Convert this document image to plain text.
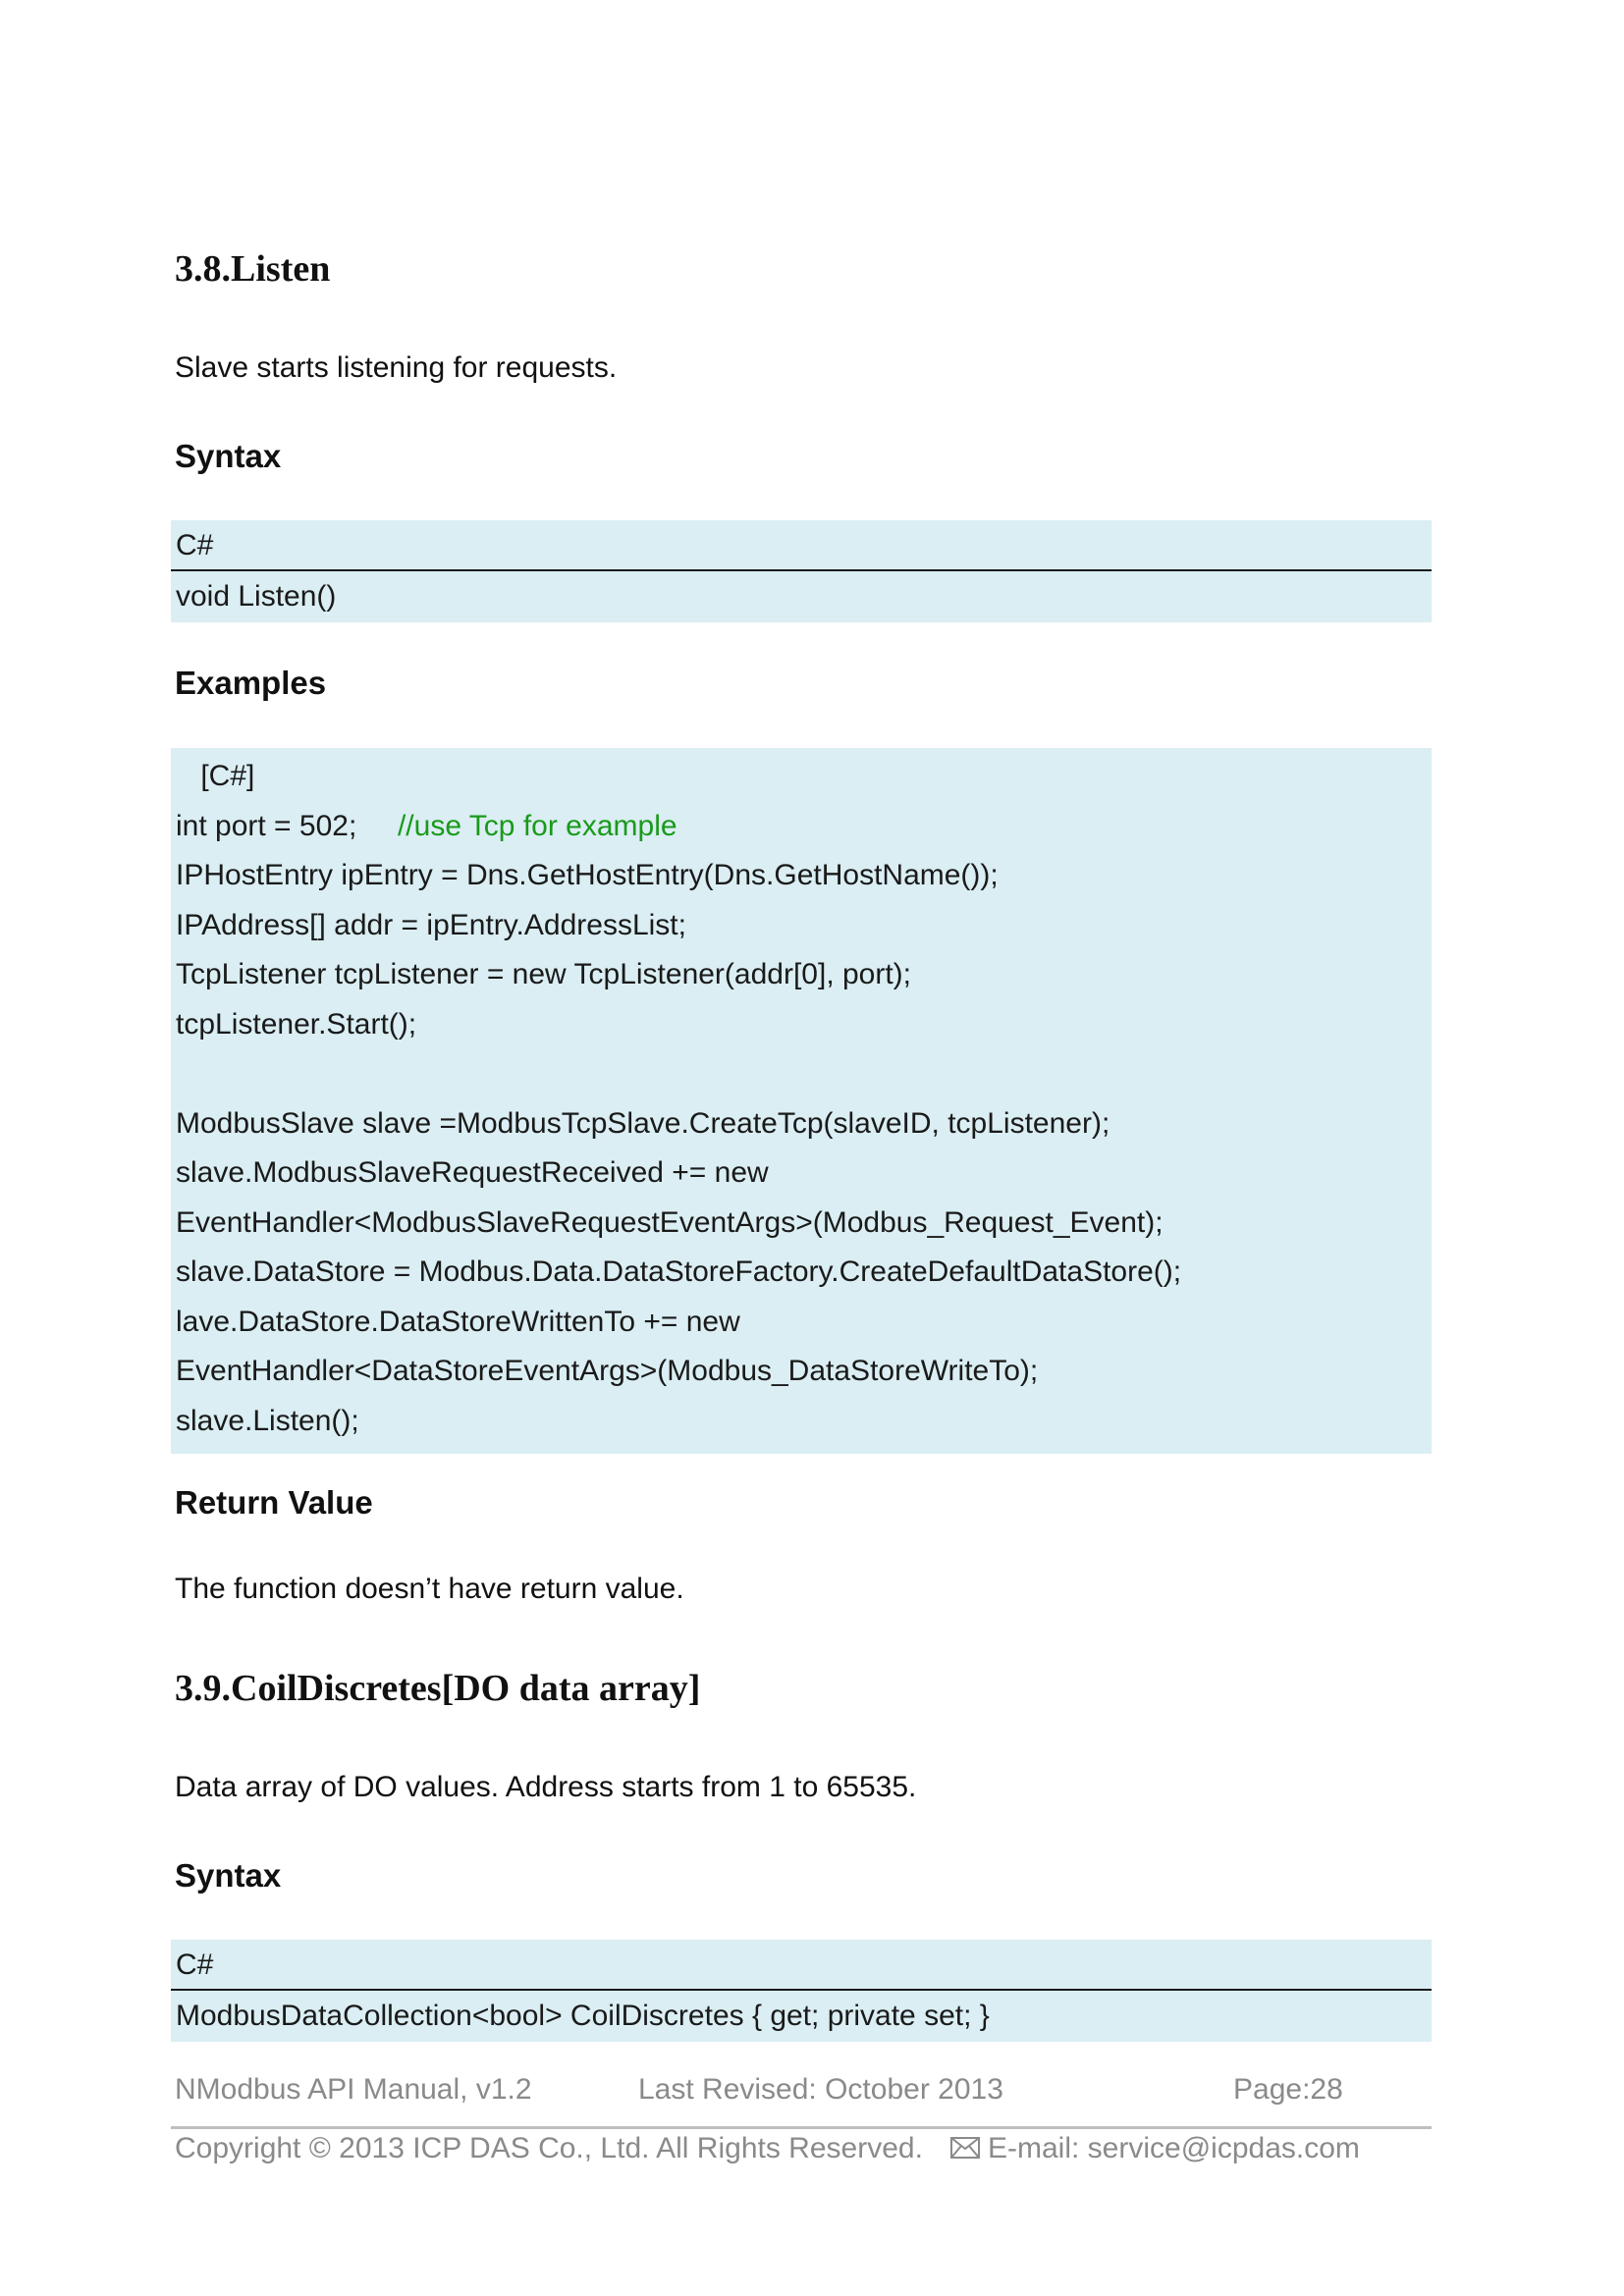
3.8.Listen

Slave starts listening for requests.

Syntax
C#
void Listen()
Examples
[C#]
int port = 502;     //use Tcp for example
IPHostEntry ipEntry = Dns.GetHostEntry(Dns.GetHostName());
IPAddress[] addr = ipEntry.AddressList;
TcpListener tcpListener = new TcpListener(addr[0], port);
tcpListener.Start();
ModbusSlave slave =ModbusTcpSlave.CreateTcp(slaveID, tcpListener);
slave.ModbusSlaveRequestReceived += new
EventHandler<ModbusSlaveRequestEventArgs>(Modbus_Request_Event);
slave.DataStore = Modbus.Data.DataStoreFactory.CreateDefaultDataStore();
lave.DataStore.DataStoreWrittenTo += new
EventHandler<DataStoreEventArgs>(Modbus_DataStoreWriteTo);
slave.Listen();
Return Value

The function doesn’t have return value.

3.9.CoilDiscretes[DO data array]

Data array of DO values. Address starts from 1 to 65535.

Syntax
C#
ModbusDataCollection<bool> CoilDiscretes { get; private set; }
NModbus API Manual, v1.2	Last Revised: October 2013	Page:28
Copyright © 2013 ICP DAS Co., Ltd. All Rights Reserved.	E-mail: service@icpdas.com
